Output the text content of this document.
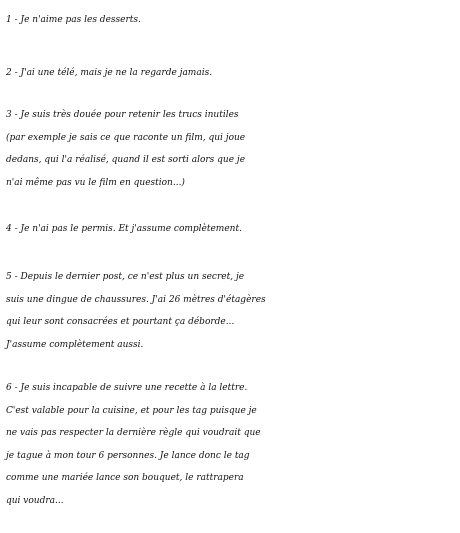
1 - Je n'aime pas les desserts.
2 - J'ai une télé, mais je ne la regarde jamais.
3 - Je suis très douée pour retenir les trucs inutiles
(par exemple je sais ce que raconte un film, qui joue
dedans, qui l'a réalisé, quand il est sorti alors que je
n'ai même pas vu le film en question...)
4 - Je n'ai pas le permis. Et j'assume complètement.
5 - Depuis le dernier post, ce n'est plus un secret, je
suis une dingue de chaussures. J'ai 26 mètres d'étagères
qui leur sont consacrées et pourtant ça déborde...
J'assume complètement aussi.
6 - Je suis incapable de suivre une recette à la lettre.
C'est valable pour la cuisine, et pour les tag puisque je
ne vais pas respecter la dernière règle qui voudrait que
je tague à mon tour 6 personnes. Je lance donc le tag
comme une mariée lance son bouquet, le rattrapera
qui voudra...
